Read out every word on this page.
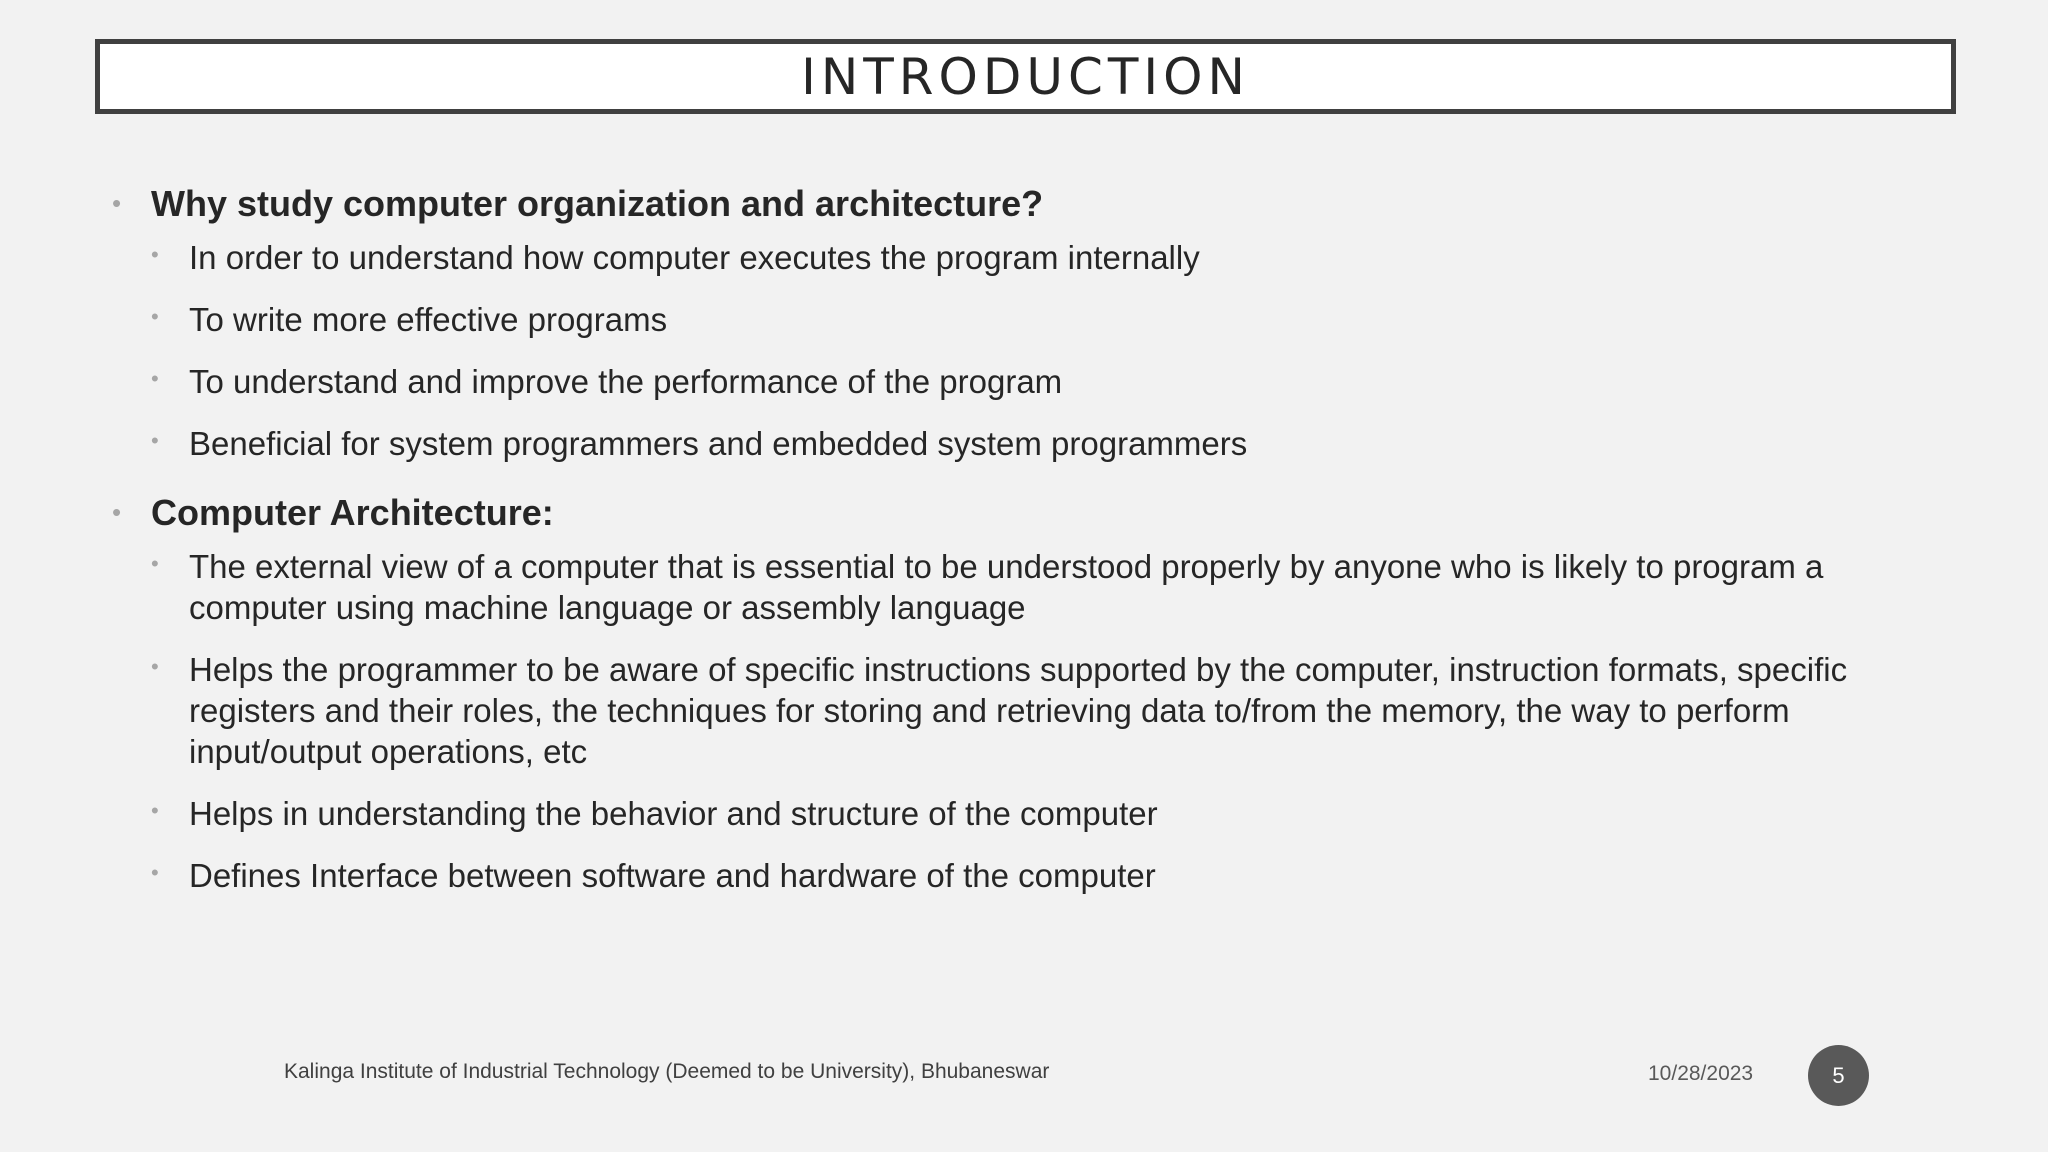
INTRODUCTION
• Why study computer organization and architecture?
• In order to understand how computer executes the program internally
• To write more effective programs
• To understand and improve the performance of the program
• Beneficial for system programmers and embedded system programmers
• Computer Architecture:
• The external view of a computer that is essential to be understood properly by anyone who is likely to program a computer using machine language or assembly language
• Helps the programmer to be aware of specific instructions supported by the computer, instruction formats, specific registers and their roles, the techniques for storing and retrieving data to/from the memory, the way to perform input/output operations, etc
• Helps in understanding the behavior and structure of the computer
• Defines Interface between software and hardware of the computer
Kalinga Institute of Industrial Technology (Deemed to be University), Bhubaneswar	10/28/2023	5
